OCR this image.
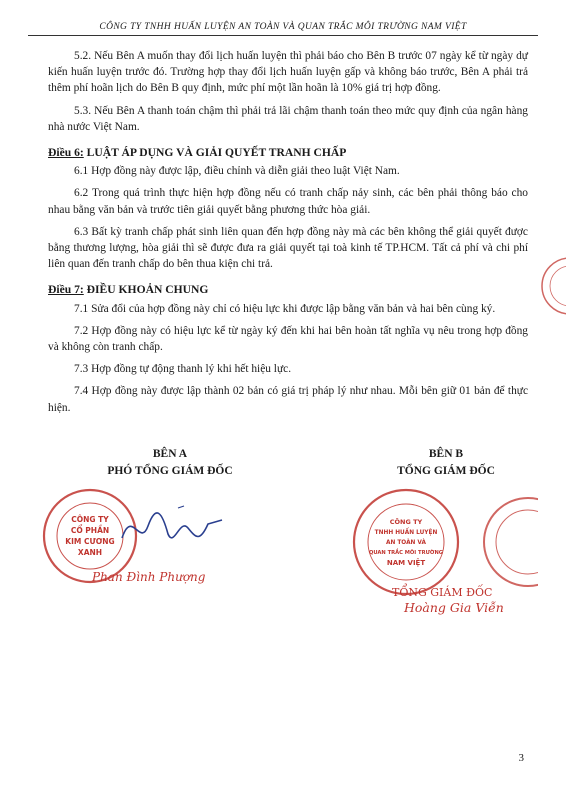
CÔNG TY TNHH HUẤN LUYỆN AN TOÀN VÀ QUAN TRẮC MÔI TRƯỜNG NAM VIỆT

5.2. Nếu Bên A muốn thay đổi lịch huấn luyện thì phải báo cho Bên B trước 07 ngày kể từ ngày dự kiến huấn luyện trước đó. Trường hợp thay đổi lịch huấn luyện gấp và không báo trước, Bên A phải trả thêm phí hoãn lịch do Bên B quy định, mức phí một lần hoãn là 10% giá trị hợp đồng.

5.3. Nếu Bên A thanh toán chậm thì phải trả lãi chậm thanh toán theo mức quy định của ngân hàng nhà nước Việt Nam.

Điều 6: LUẬT ÁP DỤNG VÀ GIẢI QUYẾT TRANH CHẤP

6.1 Hợp đồng này được lập, điều chỉnh và diễn giải theo luật Việt Nam.

6.2 Trong quá trình thực hiện hợp đồng nếu có tranh chấp nảy sinh, các bên phải thông báo cho nhau bằng văn bản và trước tiên giải quyết bằng phương thức hòa giải.

6.3 Bất kỳ tranh chấp phát sinh liên quan đến hợp đồng này mà các bên không thể giải quyết được bằng thương lượng, hòa giải thì sẽ được đưa ra giải quyết tại toà kinh tế TP.HCM. Tất cả phí và chi phí liên quan đến tranh chấp do bên thua kiện chi trả.

Điều 7: ĐIỀU KHOẢN CHUNG

7.1 Sửa đổi của hợp đồng này chỉ có hiệu lực khi được lập bằng văn bản và hai bên cùng ký.

7.2 Hợp đồng này có hiệu lực kể từ ngày ký đến khi hai bên hoàn tất nghĩa vụ nêu trong hợp đồng và không còn tranh chấp.

7.3 Hợp đồng tự động thanh lý khi hết hiệu lực.

7.4 Hợp đồng này được lập thành 02 bản có giá trị pháp lý như nhau. Mỗi bên giữ 01 bản để thực hiện.

BÊN A
PHÓ TỔNG GIÁM ĐỐC
BÊN B
TỔNG GIÁM ĐỐC
CÔNG TY
CỔ PHẦN
KIM CƯƠNG
XANH
Phan Đình Phượng
CÔNG TY
TNHH HUẤN LUYỆN
AN TOÀN VÀ
QUAN TRẮC MÔI TRƯỜNG
NAM VIỆT
TỔNG GIÁM ĐỐC
Hoàng Gia Viễn
3
